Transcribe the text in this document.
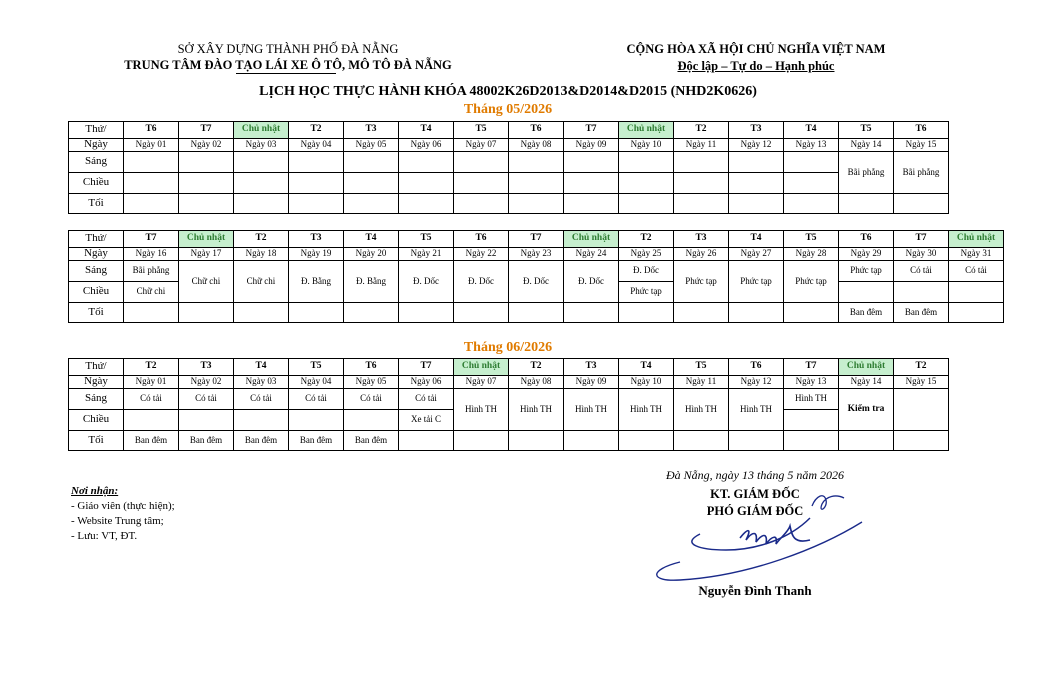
SỞ XÂY DỰNG THÀNH PHỐ ĐÀ NẴNG
TRUNG TÂM ĐÀO TẠO LÁI XE Ô TÔ, MÔ TÔ ĐÀ NẴNG
CỘNG HÒA XÃ HỘI CHỦ NGHĨA VIỆT NAM
Độc lập – Tự do – Hạnh phúc
LỊCH HỌC THỰC HÀNH KHÓA 48002K26D2013&D2014&D2015 (NHD2K0626)
Tháng 05/2026
Tháng 06/2026
Thứ/	T6	T7	Chủ nhật	T2	T3	T4	T5	T6	T7	Chủ nhật	T2	T3	T4	T5	T6
Ngày	Ngày 01	Ngày 02	Ngày 03	Ngày 04	Ngày 05	Ngày 06	Ngày 07	Ngày 08	Ngày 09	Ngày 10	Ngày 11	Ngày 12	Ngày 13	Ngày 14	Ngày 15
Sáng														Bãi phẳng	Bãi phẳng
Chiều															
Tối															
Thứ/	T7	Chủ nhật	T2	T3	T4	T5	T6	T7	Chủ nhật	T2	T3	T4	T5	T6	T7	Chủ nhật
Ngày	Ngày 16	Ngày 17	Ngày 18	Ngày 19	Ngày 20	Ngày 21	Ngày 22	Ngày 23	Ngày 24	Ngày 25	Ngày 26	Ngày 27	Ngày 28	Ngày 29	Ngày 30	Ngày 31
Sáng	Bãi phẳng	Chữ chi	Chữ chi	Đ. Bằng	Đ. Bằng	Đ. Dốc	Đ. Dốc	Đ. Dốc	Đ. Dốc	Đ. Dốc	Phức tạp	Phức tạp	Phức tạp	Phức tạp	Có tải	Có tải
Chiều	Chữ chi									Phức tạp						
Tối														Ban đêm	Ban đêm	
Thứ/	T2	T3	T4	T5	T6	T7	Chủ nhật	T2	T3	T4	T5	T6	T7	Chủ nhật	T2
Ngày	Ngày 01	Ngày 02	Ngày 03	Ngày 04	Ngày 05	Ngày 06	Ngày 07	Ngày 08	Ngày 09	Ngày 10	Ngày 11	Ngày 12	Ngày 13	Ngày 14	Ngày 15
Sáng	Có tải	Có tải	Có tải	Có tải	Có tải	Có tải	Hình TH	Hình TH	Hình TH	Hình TH	Hình TH	Hình TH	Hình TH	Kiểm tra	
Chiều						Xe tải C									
Tối	Ban đêm	Ban đêm	Ban đêm	Ban đêm	Ban đêm										
Nơi nhận:
- Giáo viên (thực hiện);
- Website Trung tâm;
- Lưu: VT, ĐT.
Đà Nẵng, ngày 13 tháng 5 năm 2026
KT. GIÁM ĐỐC
PHÓ GIÁM ĐỐC
Nguyễn Đình Thanh
